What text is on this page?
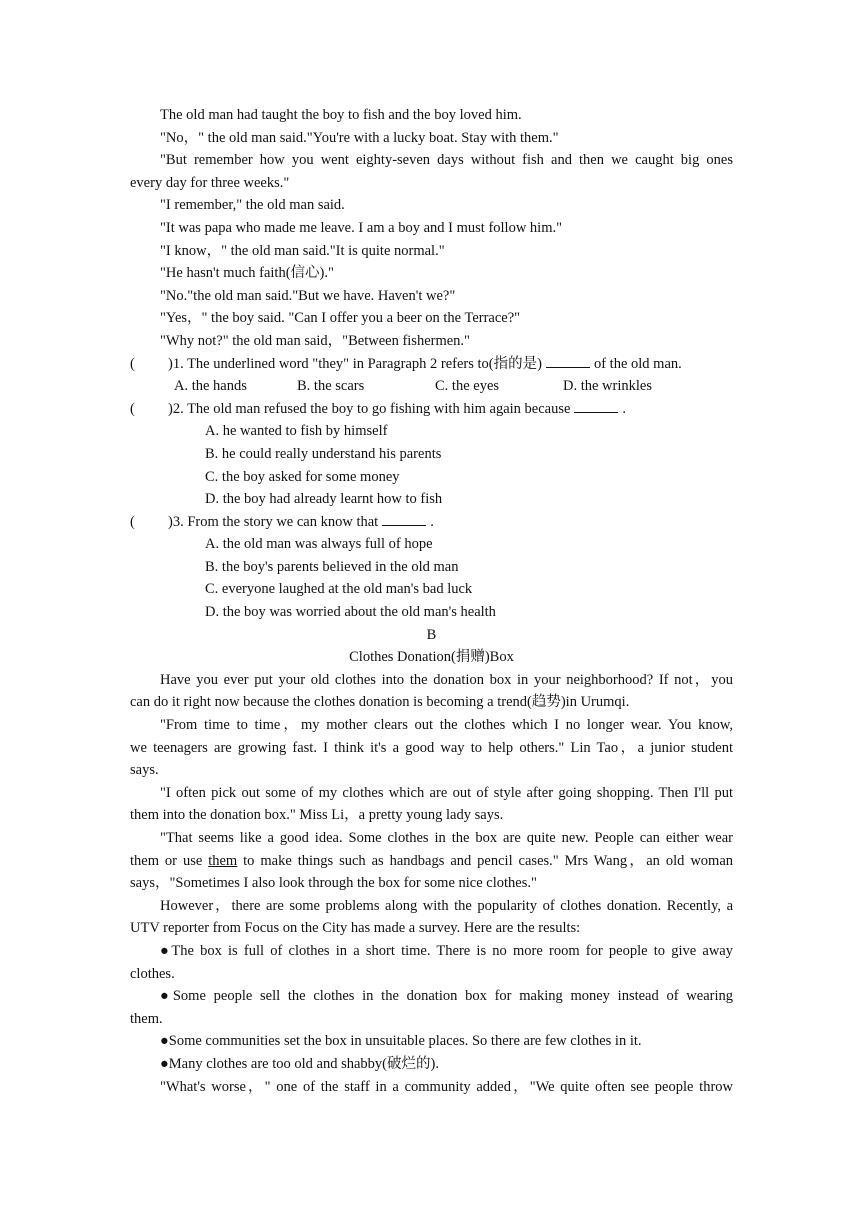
The old man had taught the boy to fish and the boy loved him.
"No，" the old man said."You're with a lucky boat. Stay with them."
"But remember how you went eighty-seven days without fish and then we caught big ones
every day for three weeks."
"I remember," the old man said.
"It was papa who made me leave. I am a boy and I must follow him."
"I know，" the old man said."It is quite normal."
"He hasn't much faith(信心)."
"No."the old man said."But we have. Haven't we?"
"Yes，" the boy said. "Can I offer you a beer on the Terrace?"
"Why not?" the old man said，"Between fishermen."
( )1. The underlined word "they" in Paragraph 2 refers to(指的是)	of the old man.
A. the hands	B. the scars	C. the eyes	D. the wrinkles
( )2. The old man refused the boy to go fishing with him again because	.
A. he wanted to fish by himself
B. he could really understand his parents
C. the boy asked for some money
D. the boy had already learnt how to fish
( )3. From the story we can know that	.
A. the old man was always full of hope
B. the boy's parents believed in the old man
C. everyone laughed at the old man's bad luck
D. the boy was worried about the old man's health
B
Clothes Donation(捐赠)Box
Have you ever put your old clothes into the donation box in your neighborhood? If not，you
can do it right now because the clothes donation is becoming a trend(趋势)in Urumqi.
"From time to time，my mother clears out the clothes which I no longer wear. You know,
we teenagers are growing fast. I think it's a good way to help others." Lin Tao，a junior student
says.
"I often pick out some of my clothes which are out of style after going shopping. Then I'll put
them into the donation box." Miss Li，a pretty young lady says.
"That seems like a good idea. Some clothes in the box are quite new. People can either wear
them or use them to make things such as handbags and pencil cases." Mrs Wang，an old woman
says，"Sometimes I also look through the box for some nice clothes."
However，there are some problems along with the popularity of clothes donation. Recently, a
UTV reporter from Focus on the City has made a survey. Here are the results:
●The box is full of clothes in a short time. There is no more room for people to give away
clothes.
●Some people sell the clothes in the donation box for making money instead of wearing
them.
●Some communities set the box in unsuitable places. So there are few clothes in it.
●Many clothes are too old and shabby(破烂的).
"What's worse，" one of the staff in a community added，"We quite often see people throw
